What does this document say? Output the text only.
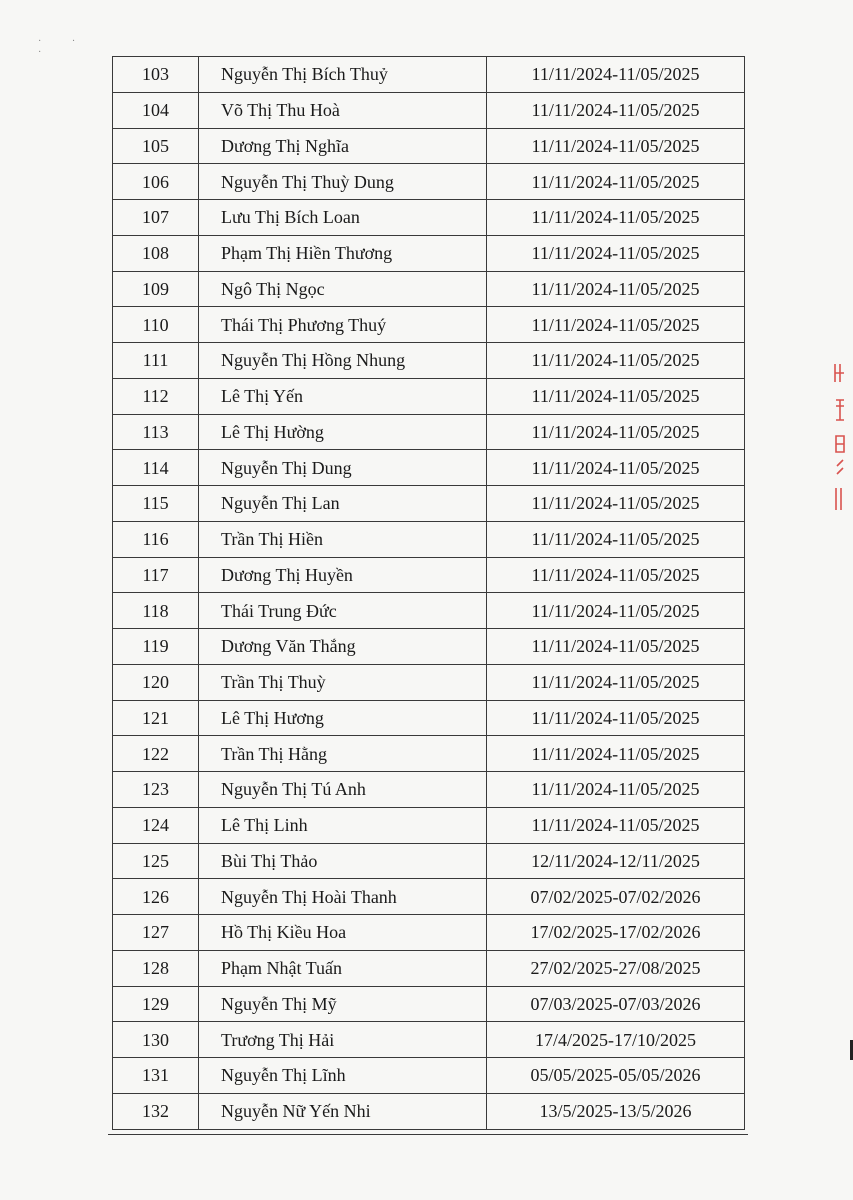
· · ·
103	Nguyễn Thị Bích Thuỷ	11/11/2024-11/05/2025
104	Võ Thị Thu Hoà	11/11/2024-11/05/2025
105	Dương Thị Nghĩa	11/11/2024-11/05/2025
106	Nguyễn Thị Thuỳ Dung	11/11/2024-11/05/2025
107	Lưu Thị Bích Loan	11/11/2024-11/05/2025
108	Phạm Thị Hiền Thương	11/11/2024-11/05/2025
109	Ngô Thị Ngọc	11/11/2024-11/05/2025
110	Thái Thị Phương Thuý	11/11/2024-11/05/2025
111	Nguyễn Thị Hồng Nhung	11/11/2024-11/05/2025
112	Lê Thị Yến	11/11/2024-11/05/2025
113	Lê Thị Hường	11/11/2024-11/05/2025
114	Nguyễn Thị Dung	11/11/2024-11/05/2025
115	Nguyễn Thị Lan	11/11/2024-11/05/2025
116	Trần Thị Hiền	11/11/2024-11/05/2025
117	Dương Thị Huyền	11/11/2024-11/05/2025
118	Thái Trung Đức	11/11/2024-11/05/2025
119	Dương Văn Thắng	11/11/2024-11/05/2025
120	Trần Thị Thuỳ	11/11/2024-11/05/2025
121	Lê Thị Hương	11/11/2024-11/05/2025
122	Trần Thị Hằng	11/11/2024-11/05/2025
123	Nguyễn Thị Tú Anh	11/11/2024-11/05/2025
124	Lê Thị Linh	11/11/2024-11/05/2025
125	Bùi Thị Thảo	12/11/2024-12/11/2025
126	Nguyễn Thị Hoài Thanh	07/02/2025-07/02/2026
127	Hồ Thị Kiều Hoa	17/02/2025-17/02/2026
128	Phạm Nhật Tuấn	27/02/2025-27/08/2025
129	Nguyễn Thị Mỹ	07/03/2025-07/03/2026
130	Trương Thị Hải	17/4/2025-17/10/2025
131	Nguyễn Thị Lĩnh	05/05/2025-05/05/2026
132	Nguyễn Nữ Yến Nhi	13/5/2025-13/5/2026
